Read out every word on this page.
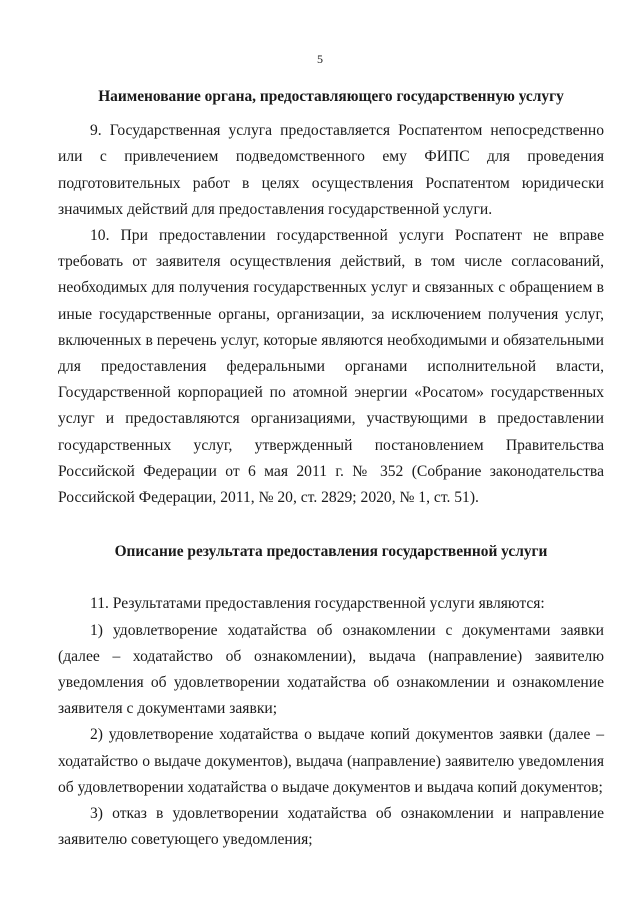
5
Наименование органа, предоставляющего государственную услугу

9. Государственная услуга предоставляется Роспатентом непосредственно или с привлечением подведомственного ему ФИПС для проведения подготовительных работ в целях осуществления Роспатентом юридически значимых действий для предоставления государственной услуги.

10. При предоставлении государственной услуги Роспатент не вправе требовать от заявителя осуществления действий, в том числе согласований, необходимых для получения государственных услуг и связанных с обращением в иные государственные органы, организации, за исключением получения услуг, включенных в перечень услуг, которые являются необходимыми и обязательными для предоставления федеральными органами исполнительной власти, Государственной корпорацией по атомной энергии «Росатом» государственных услуг и предоставляются организациями, участвующими в предоставлении государственных услуг, утвержденный постановлением Правительства Российской Федерации от 6 мая 2011 г. № 352 (Собрание законодательства Российской Федерации, 2011, № 20, ст. 2829; 2020, № 1, ст. 51).

Описание результата предоставления государственной услуги

11. Результатами предоставления государственной услуги являются:

1) удовлетворение ходатайства об ознакомлении с документами заявки (далее – ходатайство об ознакомлении), выдача (направление) заявителю уведомления об удовлетворении ходатайства об ознакомлении и ознакомление заявителя с документами заявки;

2) удовлетворение ходатайства о выдаче копий документов заявки (далее – ходатайство о выдаче документов), выдача (направление) заявителю уведомления об удовлетворении ходатайства о выдаче документов и выдача копий документов;

3) отказ в удовлетворении ходатайства об ознакомлении и направление заявителю советующего уведомления;
